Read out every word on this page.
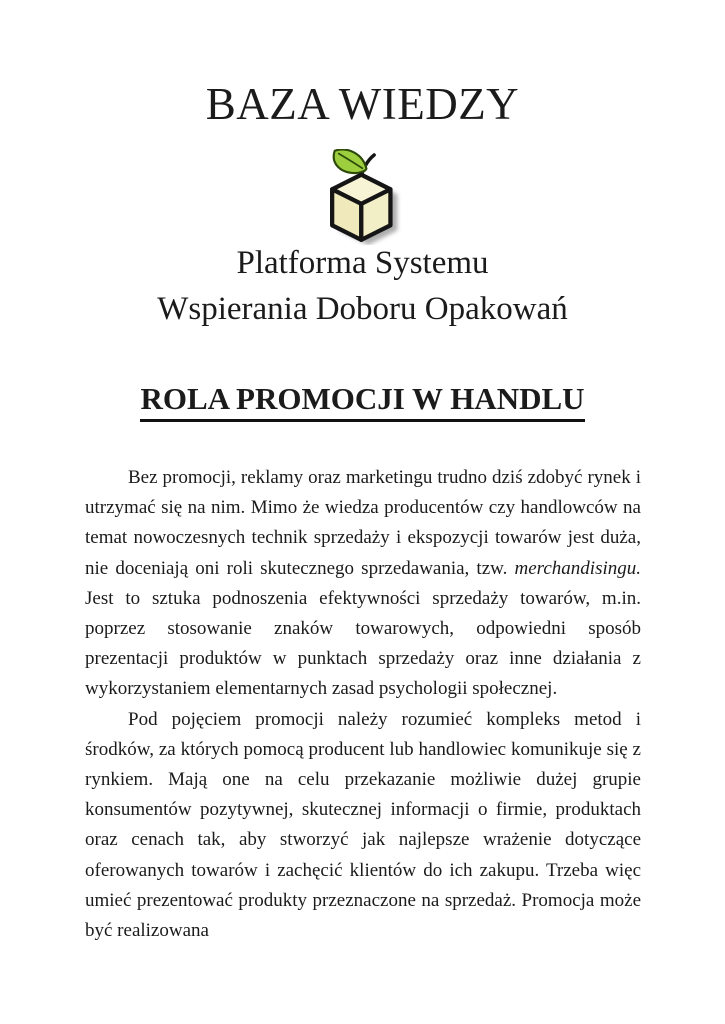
BAZA WIEDZY
Platforma Systemu
Wspierania Doboru Opakowań
ROLA PROMOCJI W HANDLU

Bez promocji, reklamy oraz marketingu trudno dziś zdobyć rynek i utrzymać się na nim. Mimo że wiedza producentów czy handlowców na temat nowoczesnych technik sprzedaży i ekspozycji towarów jest duża, nie doceniają oni roli skutecznego sprzedawania, tzw. merchandisingu. Jest to sztuka podnoszenia efektywności sprzedaży towarów, m.in. poprzez stosowanie znaków towarowych, odpowiedni sposób prezentacji produktów w punktach sprzedaży oraz inne działania z wykorzystaniem elementarnych zasad psychologii społecznej.

Pod pojęciem promocji należy rozumieć kompleks metod i środków, za których pomocą producent lub handlowiec komunikuje się z rynkiem. Mają one na celu przekazanie możliwie dużej grupie konsumentów pozytywnej, skutecznej informacji o firmie, produktach oraz cenach tak, aby stworzyć jak najlepsze wrażenie dotyczące oferowanych towarów i zachęcić klientów do ich zakupu. Trzeba więc umieć prezentować produkty przeznaczone na sprzedaż. Promocja może być realizowana
